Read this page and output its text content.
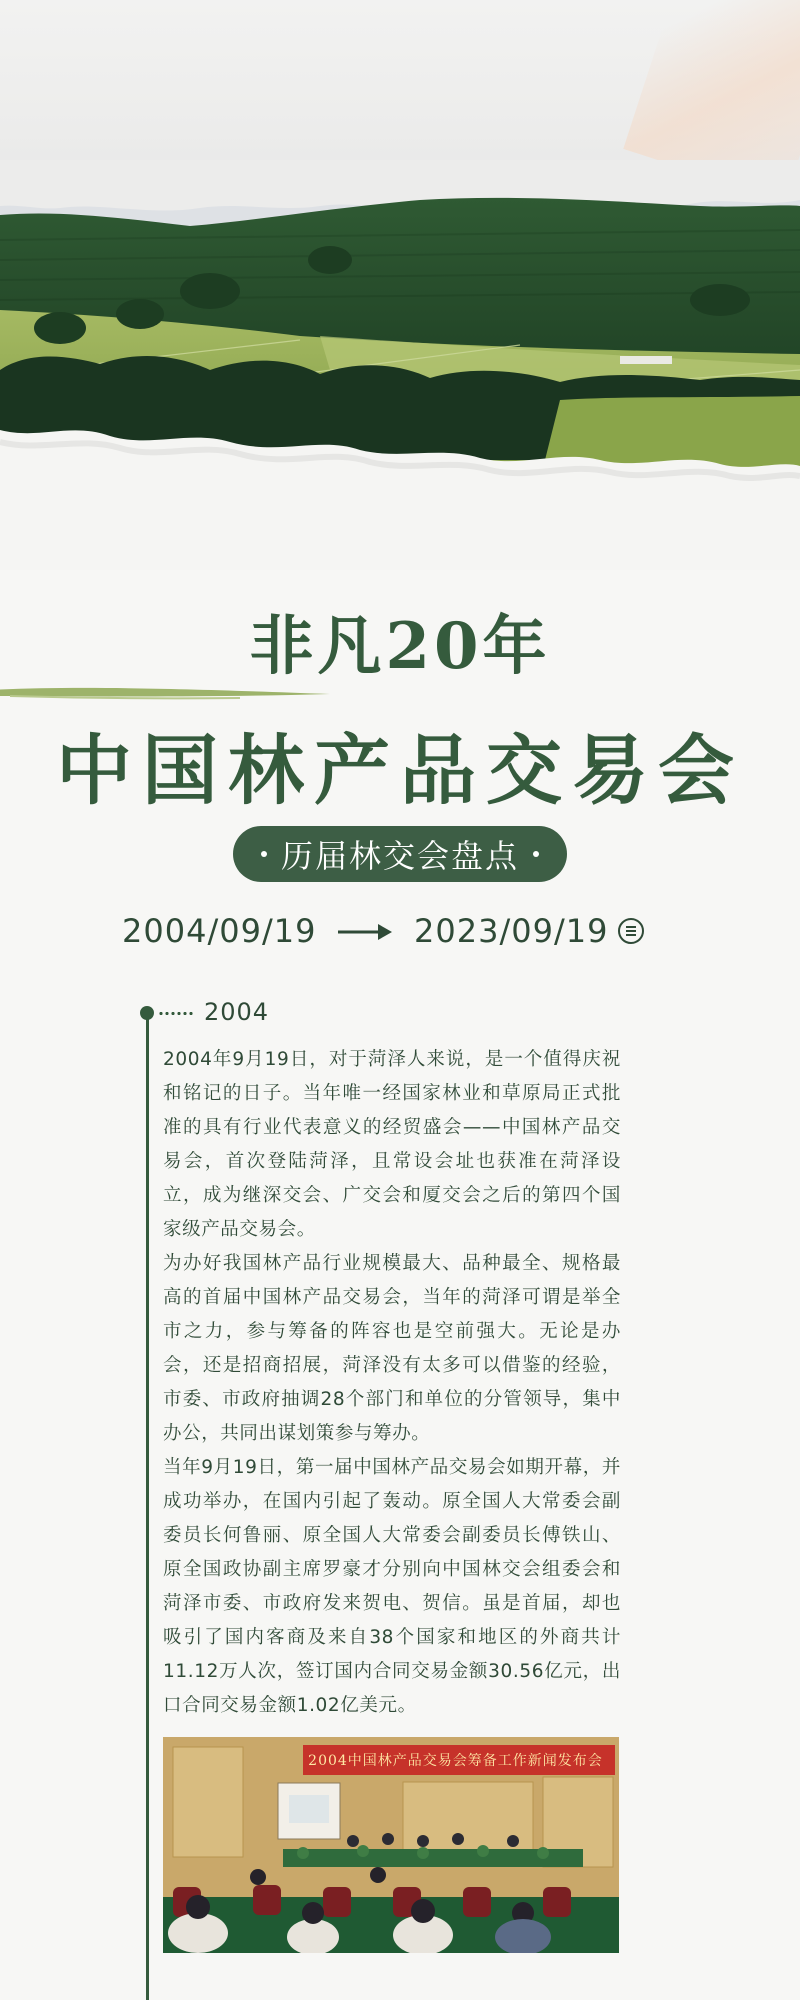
非凡20年
中国林产品交易会
历届林交会盘点
2004/09/19	2023/09/19
2004

2004年9月19日，对于菏泽人来说，是一个值得庆祝和铭记的日子。当年唯一经国家林业和草原局正式批准的具有行业代表意义的经贸盛会——中国林产品交易会，首次登陆菏泽，且常设会址也获准在菏泽设立，成为继深交会、广交会和厦交会之后的第四个国家级产品交易会。

为办好我国林产品行业规模最大、品种最全、规格最高的首届中国林产品交易会，当年的菏泽可谓是举全市之力，参与筹备的阵容也是空前强大。无论是办会，还是招商招展，菏泽没有太多可以借鉴的经验，市委、市政府抽调28个部门和单位的分管领导，集中办公，共同出谋划策参与筹办。

当年9月19日，第一届中国林产品交易会如期开幕，并成功举办，在国内引起了轰动。原全国人大常委会副委员长何鲁丽、原全国人大常委会副委员长傅铁山、原全国政协副主席罗豪才分别向中国林交会组委会和菏泽市委、市政府发来贺电、贺信。虽是首届，却也吸引了国内客商及来自38个国家和地区的外商共计11.12万人次，签订国内合同交易金额30.56亿元，出口合同交易金额1.02亿美元。

2004中国林产品交易会筹备工作新闻发布会
